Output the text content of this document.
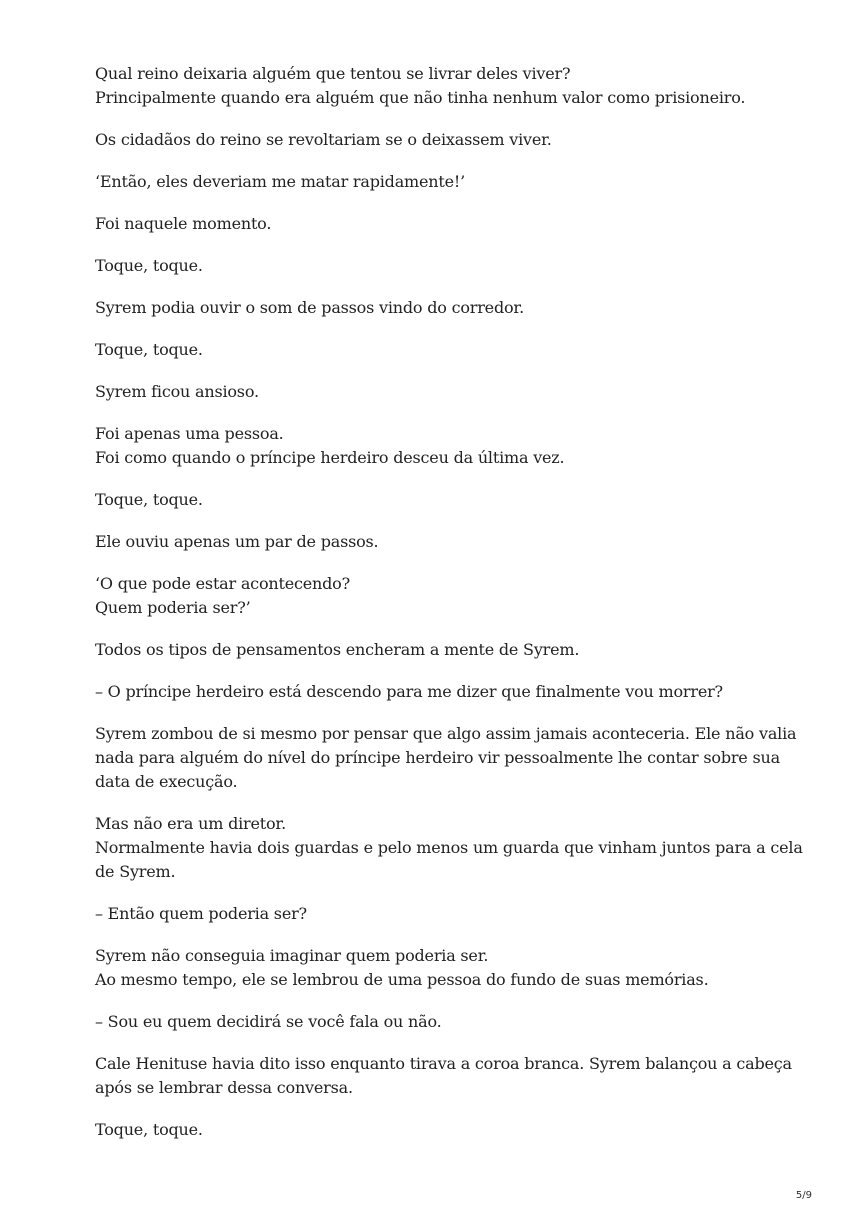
Qual reino deixaria alguém que tentou se livrar deles viver?
Principalmente quando era alguém que não tinha nenhum valor como prisioneiro.

Os cidadãos do reino se revoltariam se o deixassem viver.

‘Então, eles deveriam me matar rapidamente!’

Foi naquele momento.

Toque, toque.

Syrem podia ouvir o som de passos vindo do corredor.

Toque, toque.

Syrem ficou ansioso.

Foi apenas uma pessoa.
Foi como quando o príncipe herdeiro desceu da última vez.

Toque, toque.

Ele ouviu apenas um par de passos.

‘O que pode estar acontecendo?
Quem poderia ser?’

Todos os tipos de pensamentos encheram a mente de Syrem.

– O príncipe herdeiro está descendo para me dizer que finalmente vou morrer?

Syrem zombou de si mesmo por pensar que algo assim jamais aconteceria. Ele não valia
nada para alguém do nível do príncipe herdeiro vir pessoalmente lhe contar sobre sua
data de execução.

Mas não era um diretor.
Normalmente havia dois guardas e pelo menos um guarda que vinham juntos para a cela
de Syrem.

– Então quem poderia ser?

Syrem não conseguia imaginar quem poderia ser.
Ao mesmo tempo, ele se lembrou de uma pessoa do fundo de suas memórias.

– Sou eu quem decidirá se você fala ou não.

Cale Henituse havia dito isso enquanto tirava a coroa branca. Syrem balançou a cabeça
após se lembrar dessa conversa.

Toque, toque.

5/9
